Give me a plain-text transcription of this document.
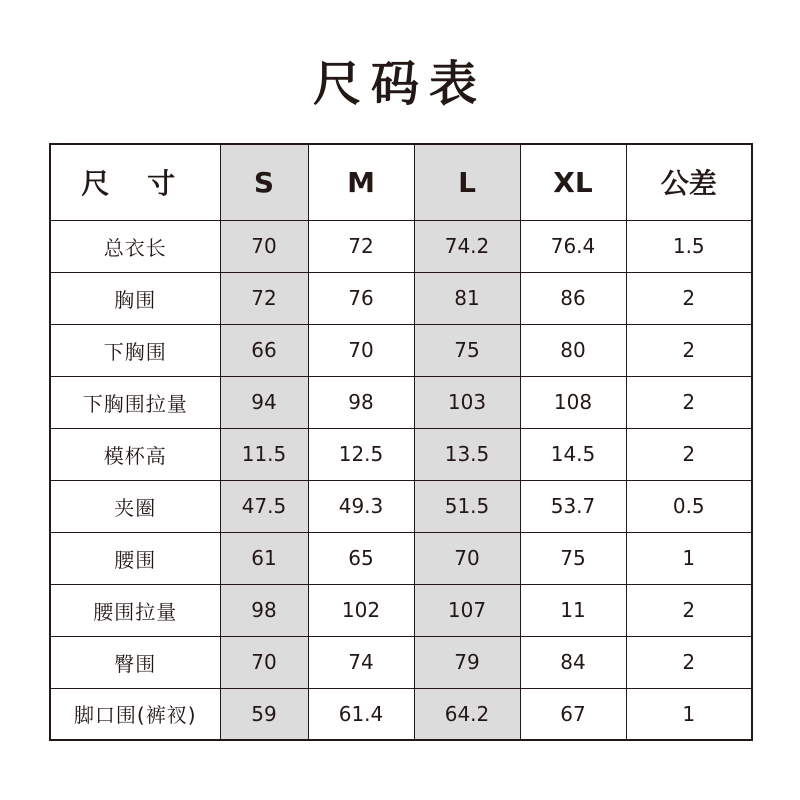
尺码表
尺 寸	S	M	L	XL	公差
总衣长	70	72	74.2	76.4	1.5
胸围	72	76	81	86	2
下胸围	66	70	75	80	2
下胸围拉量	94	98	103	108	2
模杯高	11.5	12.5	13.5	14.5	2
夹圈	47.5	49.3	51.5	53.7	0.5
腰围	61	65	70	75	1
腰围拉量	98	102	107	11	2
臀围	70	74	79	84	2
脚口围(裤衩)	59	61.4	64.2	67	1
